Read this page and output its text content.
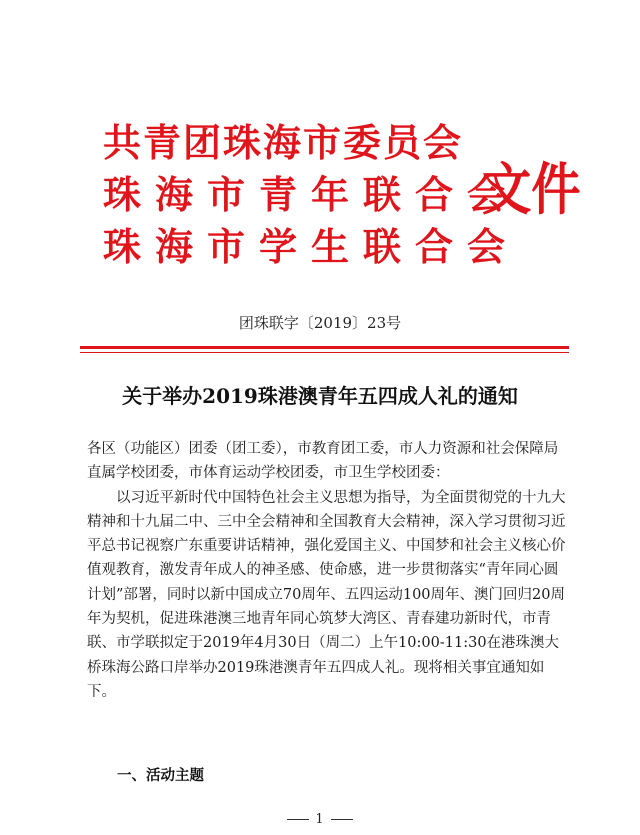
共青团珠海市委员会
珠海市青年联合会
珠海市学生联合会
文件
团珠联字〔2019〕23号
关于举办2019珠港澳青年五四成人礼的通知

各区（功能区）团委（团工委），市教育团工委，市人力资源和社会保障局直属学校团委，市体育运动学校团委，市卫生学校团委：

以习近平新时代中国特色社会主义思想为指导，为全面贯彻党的十九大精神和十九届二中、三中全会精神和全国教育大会精神，深入学习贯彻习近平总书记视察广东重要讲话精神，强化爱国主义、中国梦和社会主义核心价值观教育，激发青年成人的神圣感、使命感，进一步贯彻落实“青年同心圆计划”部署，同时以新中国成立70周年、五四运动100周年、澳门回归20周年为契机，促进珠港澳三地青年同心筑梦大湾区、青春建功新时代，市青联、市学联拟定于2019年4月30日（周二）上午10:00-11:30在港珠澳大桥珠海公路口岸举办2019珠港澳青年五四成人礼。现将相关事宜通知如下。

一、活动主题
1
